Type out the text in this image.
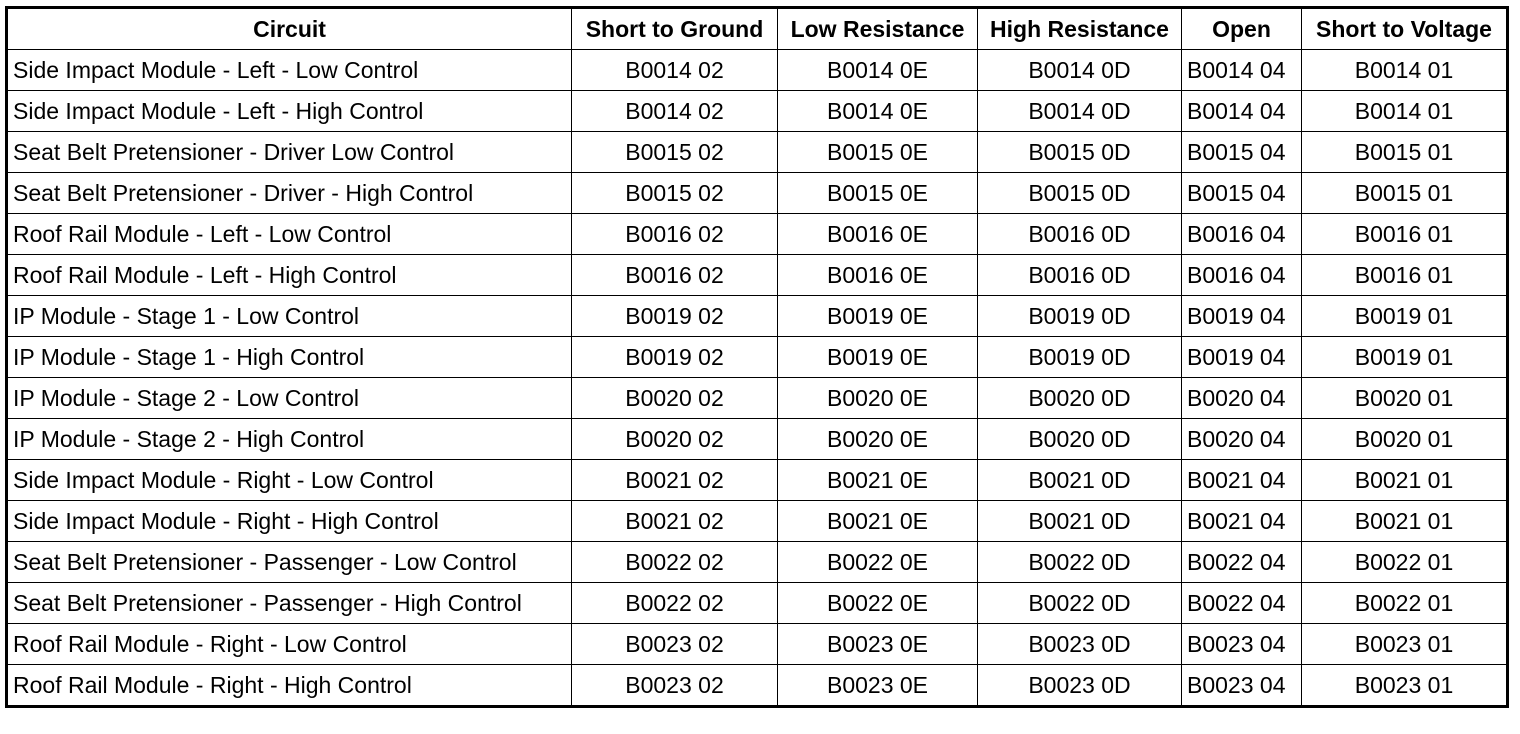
Circuit	Short to Ground	Low Resistance	High Resistance	Open	Short to Voltage
Side Impact Module - Left - Low Control	B0014 02	B0014 0E	B0014 0D	B0014 04	B0014 01
Side Impact Module - Left - High Control	B0014 02	B0014 0E	B0014 0D	B0014 04	B0014 01
Seat Belt Pretensioner - Driver Low Control	B0015 02	B0015 0E	B0015 0D	B0015 04	B0015 01
Seat Belt Pretensioner - Driver - High Control	B0015 02	B0015 0E	B0015 0D	B0015 04	B0015 01
Roof Rail Module - Left - Low Control	B0016 02	B0016 0E	B0016 0D	B0016 04	B0016 01
Roof Rail Module - Left - High Control	B0016 02	B0016 0E	B0016 0D	B0016 04	B0016 01
IP Module - Stage 1 - Low Control	B0019 02	B0019 0E	B0019 0D	B0019 04	B0019 01
IP Module - Stage 1 - High Control	B0019 02	B0019 0E	B0019 0D	B0019 04	B0019 01
IP Module - Stage 2 - Low Control	B0020 02	B0020 0E	B0020 0D	B0020 04	B0020 01
IP Module - Stage 2 - High Control	B0020 02	B0020 0E	B0020 0D	B0020 04	B0020 01
Side Impact Module - Right - Low Control	B0021 02	B0021 0E	B0021 0D	B0021 04	B0021 01
Side Impact Module - Right - High Control	B0021 02	B0021 0E	B0021 0D	B0021 04	B0021 01
Seat Belt Pretensioner - Passenger - Low Control	B0022 02	B0022 0E	B0022 0D	B0022 04	B0022 01
Seat Belt Pretensioner - Passenger - High Control	B0022 02	B0022 0E	B0022 0D	B0022 04	B0022 01
Roof Rail Module - Right - Low Control	B0023 02	B0023 0E	B0023 0D	B0023 04	B0023 01
Roof Rail Module - Right - High Control	B0023 02	B0023 0E	B0023 0D	B0023 04	B0023 01
